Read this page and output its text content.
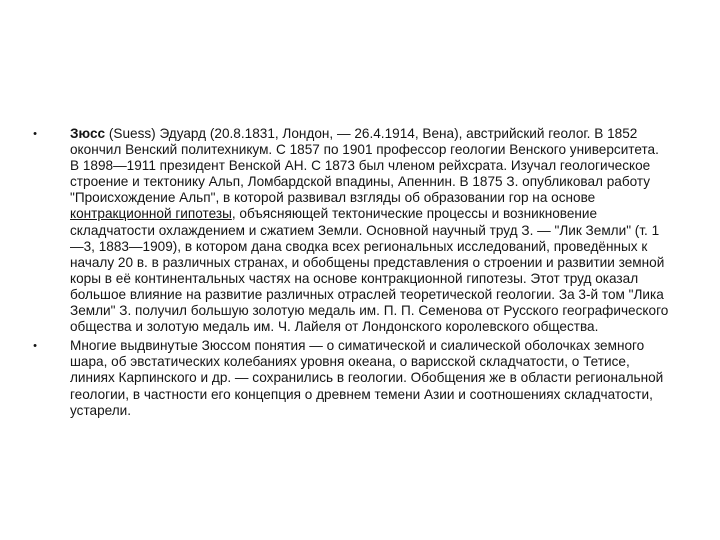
• Зюсс (Suess) Эдуард (20.8.1831, Лондон, — 26.4.1914, Вена), австрийский геолог. В 1852 окончил Венский политехникум. С 1857 по 1901 профессор геологии Венского университета. В 1898—1911 президент Венской АН. С 1873 был членом рейхсрата. Изучал геологическое строение и тектонику Альп, Ломбардской впадины, Апеннин. В 1875 З. опубликовал работу "Происхождение Альп", в которой развивал взгляды об образовании гор на основе контракционной гипотезы, объясняющей тектонические процессы и возникновение складчатости охлаждением и сжатием Земли. Основной научный труд З. — "Лик Земли" (т. 1—3, 1883—1909), в котором дана сводка всех региональных исследований, проведённых к началу 20 в. в различных странах, и обобщены представления о строении и развитии земной коры в её континентальных частях на основе контракционной гипотезы. Этот труд оказал большое влияние на развитие различных отраслей теоретической геологии. За 3-й том "Лика Земли" З. получил большую золотую медаль им. П. П. Семенова от Русского географического общества и золотую медаль им. Ч. Лайеля от Лондонского королевского общества.

• Многие выдвинутые Зюссом понятия — о симатической и сиалической оболочках земного шара, об эвстатических колебаниях уровня океана, о варисской складчатости, о Тетисе, линиях Карпинского и др. — сохранились в геологии. Обобщения же в области региональной геологии, в частности его концепция о древнем темени Азии и соотношениях складчатости, устарели.
